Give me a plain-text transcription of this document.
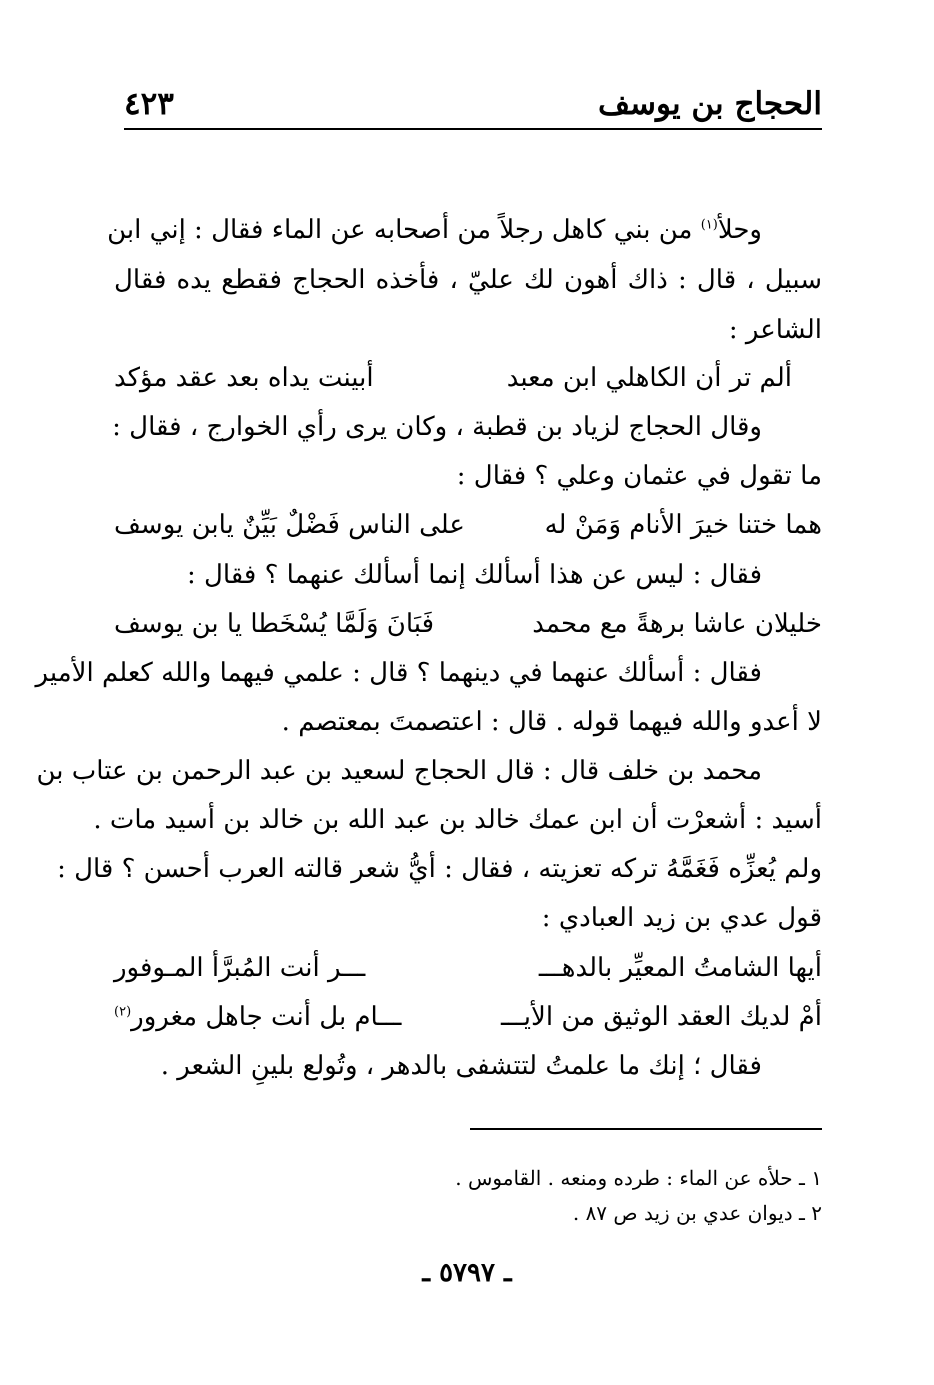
الحجاج بن يوسف
٤٢٣
وحلأ$^{(١)}$ من بني كاهل رجلاً من أصحابه عن الماء فقال : إني ابن
سبيل ، قال : ذاك أهون لك عليّ ، فأخذه الحجاج فقطع يده فقال
الشاعر :
ألم تر أن الكاهلي ابن معبد
أبينت يداه بعد عقد مؤكد
وقال الحجاج لزياد بن قطبة ، وكان يرى رأي الخوارج ، فقال :
ما تقول في عثمان وعلي ؟ فقال :
هما ختنا خيرَ الأنام وَمَنْ له
على الناس فَضْلٌ بَيِّنٌ يابن يوسف
فقال : ليس عن هذا أسألك إنما أسألك عنهما ؟ فقال :
خليلان عاشا برهةً مع محمد
فَبَانَ وَلَمَّا يُسْخَطا يا بن يوسف
فقال : أسألك عنهما في دينهما ؟ قال : علمي فيهما والله كعلم الأمير
لا أعدو والله فيهما قوله . قال : اعتصمتَ بمعتصم .
محمد بن خلف قال : قال الحجاج لسعيد بن عبد الرحمن بن عتاب بن
أسيد : أشعرْت أن ابن عمك خالد بن عبد الله بن خالد بن أسيد مات .
ولم يُعزِّه فَغَمَّهُ تركه تعزيته ، فقال : أيُّ شعر قالته العرب أحسن ؟ قال :
قول عدي بن زيد العبادي :
أيها الشامتُ المعيِّر بالدهـــ
ـــر أنت المُبرَّأ المـوفور
أمْ لديك العقد الوثيق من الأيـــ
ـــام بل أنت جاهل مغرور$^{(٢)}$
فقال ؛ إنك ما علمتُ لتتشفى بالدهر ، وتُولع بلينِ الشعر .
١ ـ حلأه عن الماء : طرده ومنعه . القاموس .
٢ ـ ديوان عدي بن زيد ص ٨٧ .
ـ ٥٧٩٧ ـ
